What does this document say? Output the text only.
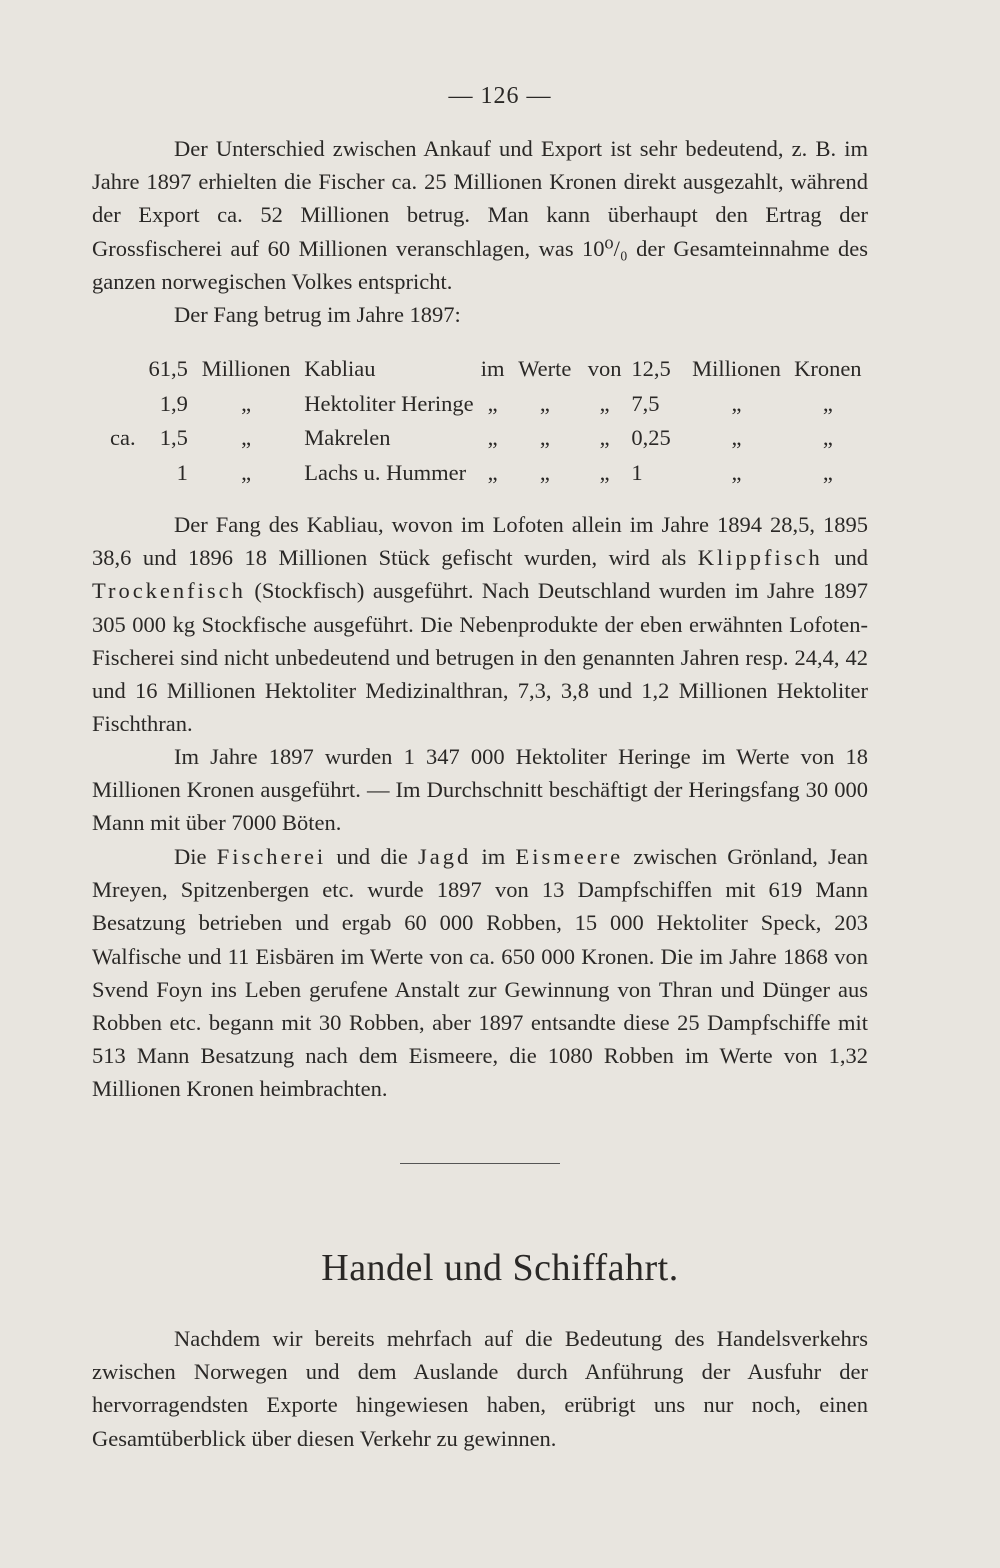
— 126 —

Der Unterschied zwischen Ankauf und Export ist sehr bedeutend, z. B. im Jahre 1897 erhielten die Fischer ca. 25 Millionen Kronen direkt ausgezahlt, während der Export ca. 52 Millionen betrug. Man kann überhaupt den Ertrag der Grossfischerei auf 60 Millionen veranschlagen, was 10⁰/₀ der Gesamteinnahme des ganzen norwegischen Volkes entspricht.

Der Fang betrug im Jahre 1897:

	61,5	Millionen	Kabliau	im	Werte	von	12,5	Millionen	Kronen
	1,9	„	Hektoliter Heringe	„	„	„	7,5	„	„
ca.	1,5	„	Makrelen	„	„	„	0,25	„	„
	1	„	Lachs u. Hummer	„	„	„	1	„	„

Der Fang des Kabliau, wovon im Lofoten allein im Jahre 1894 28,5, 1895 38,6 und 1896 18 Millionen Stück gefischt wurden, wird als Klippfisch und Trockenfisch (Stockfisch) ausgeführt. Nach Deutschland wurden im Jahre 1897 305 000 kg Stockfische ausgeführt. Die Nebenprodukte der eben erwähnten Lofoten-Fischerei sind nicht unbedeutend und betrugen in den genannten Jahren resp. 24,4, 42 und 16 Millionen Hektoliter Medizinalthran, 7,3, 3,8 und 1,2 Millionen Hektoliter Fischthran.

Im Jahre 1897 wurden 1 347 000 Hektoliter Heringe im Werte von 18 Millionen Kronen ausgeführt. — Im Durchschnitt beschäftigt der Heringsfang 30 000 Mann mit über 7000 Böten.

Die Fischerei und die Jagd im Eismeere zwischen Grönland, Jean Mreyen, Spitzenbergen etc. wurde 1897 von 13 Dampfschiffen mit 619 Mann Besatzung betrieben und ergab 60 000 Robben, 15 000 Hektoliter Speck, 203 Walfische und 11 Eisbären im Werte von ca. 650 000 Kronen. Die im Jahre 1868 von Svend Foyn ins Leben gerufene Anstalt zur Gewinnung von Thran und Dünger aus Robben etc. begann mit 30 Robben, aber 1897 entsandte diese 25 Dampfschiffe mit 513 Mann Besatzung nach dem Eismeere, die 1080 Robben im Werte von 1,32 Millionen Kronen heimbrachten.

Handel und Schiffahrt.

Nachdem wir bereits mehrfach auf die Bedeutung des Handelsverkehrs zwischen Norwegen und dem Auslande durch Anführung der Ausfuhr der hervorragendsten Exporte hingewiesen haben, erübrigt uns nur noch, einen Gesamtüberblick über diesen Verkehr zu gewinnen.
